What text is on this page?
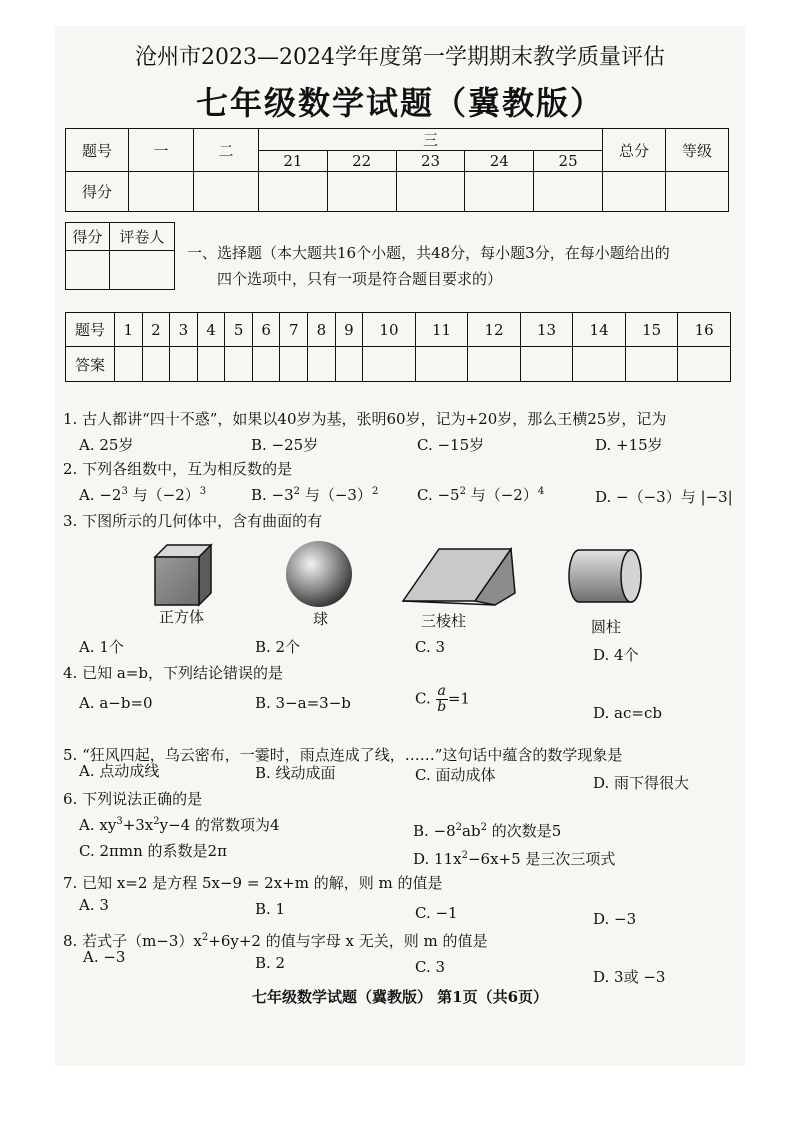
沧州市2023—2024学年度第一学期期末教学质量评估
七年级数学试题（冀教版）
题号	一	二	三					总分	等级
			21	22	23	24	25		
得分									
得分	评卷人

一、选择题（本大题共16个小题，共48分，每小题3分，在每小题给出的
四个选项中，只有一项是符合题目要求的）
题号	1	2	3	4	5	6	7	8	9	10	11	12	13	14	15	16
答案																
1. 古人都讲“四十不惑”，如果以40岁为基，张明60岁，记为+20岁，那么王横25岁，记为
A. 25岁	B. −25岁	C. −15岁	D. +15岁
2. 下列各组数中，互为相反数的是
A. $-2^3$ 与$(-2)^3$	B. $-3^2$ 与$(-3)^2$	C. $-5^2$ 与$(-2)^4$	D. −（−3）与 |−3|
3. 下图所示的几何体中，含有曲面的有
正方体	球	三棱柱	圆柱
A. 1个	B. 2个	C. 3	D. 4个
4. 已知 a=b，下列结论错误的是
A. a−b=0	B. 3−a=3−b	C. $\frac{a}{b} =1$
D. ac=cb
5. “狂风四起，乌云密布，一霎时，雨点连成了线，……”这句话中蕴含的数学现象是
A. 点动成线	B. 线动成面	C. 面动成体	D. 雨下得很大
6. 下列说法正确的是
A. $xy^3+3x^2y-4$ 的常数项为4	B. $-8^2ab^2$ 的次数是5
C. 2πmn 的系数是2π	D. $11x^2-6x+5$ 是三次三项式
7. 已知 x=2 是方程 5x−9 = 2x+m 的解，则 m 的值是
A. 3	B. 1	C. −1	D. −3
8. 若式子$(m-3)x^2+6y+2$ 的值与字母 x 无关，则 m 的值是
A. −3	B. 2	C. 3
D. 3或 −3
七年级数学试题（冀教版） 第1页（共6页）
